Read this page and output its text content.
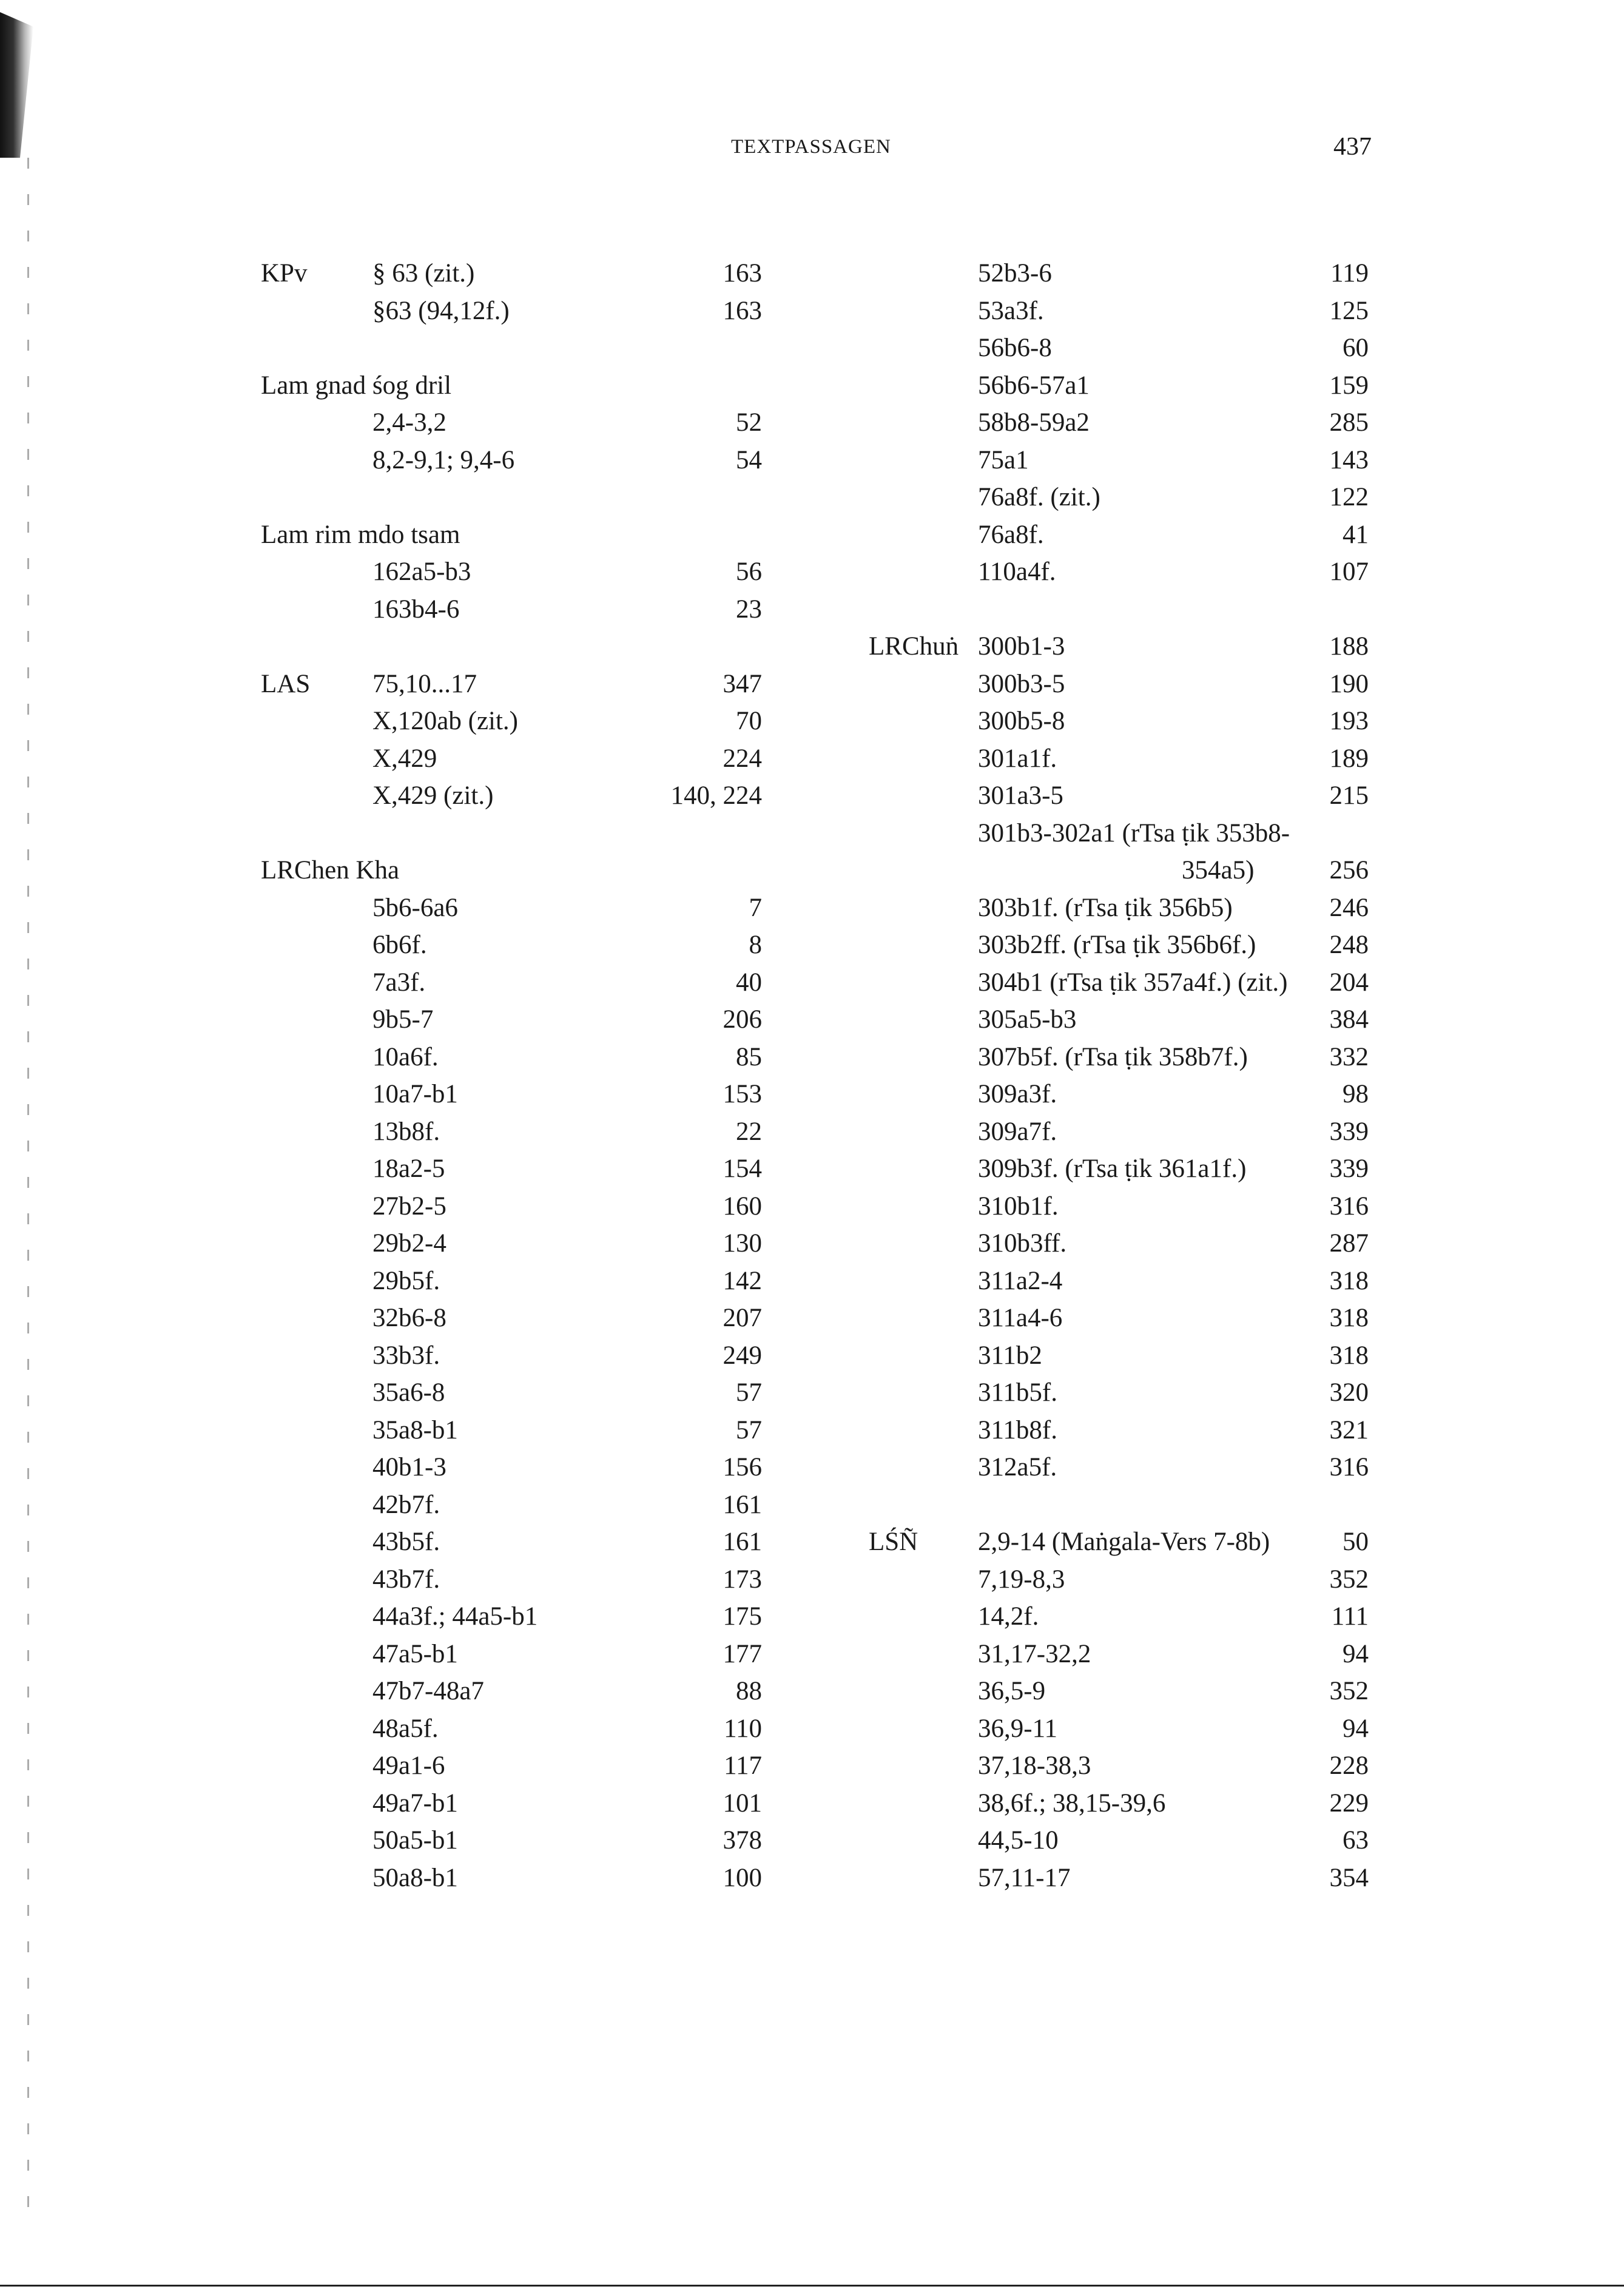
TEXTPASSAGEN	437
KPv	§ 63 (zit.)	163
§63 (94,12f.)	163
Lam gnad śog dril
2,4-3,2	52
8,2-9,1; 9,4-6	54
Lam rim mdo tsam
162a5-b3	56
163b4-6	23
LAS 75,10...17	347
X,120ab (zit.)	70
X,429	224
X,429 (zit.)	140, 224
LRChen Kha
5b6-6a6	7
6b6f.	8
7a3f.	40
9b5-7	206
10a6f.	85
10a7-b1	153
13b8f.	22
18a2-5	154
27b2-5	160
29b2-4	130
29b5f.	142
32b6-8	207
33b3f.	249
35a6-8	57
35a8-b1	57
40b1-3	156
42b7f.	161
43b5f.	161
43b7f.	173
44a3f.; 44a5-b1	175
47a5-b1	177
47b7-48a7	88
48a5f.	110
49a1-6	117
49a7-b1	101
50a5-b1	378
50a8-b1	100
52b3-6	119
53a3f.	125
56b6-8	60
56b6-57a1	159
58b8-59a2	285
75a1	143
76a8f. (zit.)	122
76a8f.	41
110a4f.	107
LRChuṅ 300b1-3	188
300b3-5	190
300b5-8	193
301a1f.	189
301a3-5	215
301b3-302a1 (rTsa ṭik 353b8-
354a5)	256
303b1f. (rTsa ṭik 356b5)	246
303b2ff. (rTsa ṭik 356b6f.)	248
304b1 (rTsa ṭik 357a4f.) (zit.)	204
305a5-b3	384
307b5f. (rTsa ṭik 358b7f.)	332
309a3f.	98
309a7f.	339
309b3f. (rTsa ṭik 361a1f.)	339
310b1f.	316
310b3ff.	287
311a2-4	318
311a4-6	318
311b2	318
311b5f.	320
311b8f.	321
312a5f.	316
LŚÑ 2,9-14 (Maṅgala-Vers 7-8b)	50
7,19-8,3	352
14,2f.	111
31,17-32,2	94
36,5-9	352
36,9-11	94
37,18-38,3	228
38,6f.; 38,15-39,6	229
44,5-10	63
57,11-17	354
